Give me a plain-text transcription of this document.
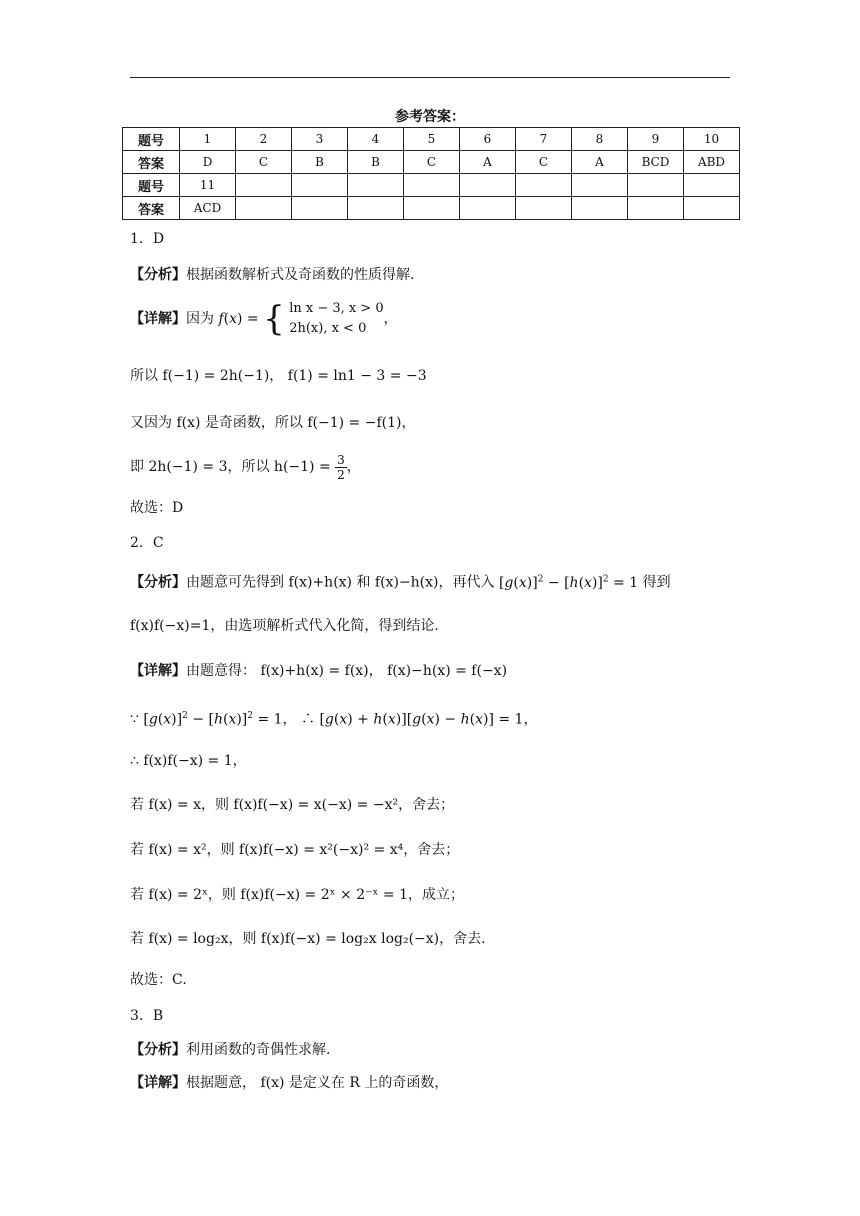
参考答案：
题号	1	2	3	4	5	6	7	8	9	10
答案	D	C	B	B	C	A	C	A	BCD	ABD
题号	11									
答案	ACD									
1．D
【分析】根据函数解析式及奇函数的性质得解.
【详解】因为 f(x) = { ln x − 3, x > 0
2h(x), x < 0
，
所以 f(−1) = 2h(−1)， f(1) = ln1 − 3 = −3
又因为 f(x) 是奇函数，所以 f(−1) = −f(1)，
即 2h(−1) = 3，所以 $h(-1) = \frac{3}{2}$ ，
故选：D
2．C
【分析】由题意可先得到 f(x)+h(x) 和 f(x)−h(x)，再代入 $[g(x)]^2 - [h(x)]^2 = 1$ 得到
f(x)f(−x)=1，由选项解析式代入化简，得到结论.
【详解】由题意得： f(x)+h(x) = f(x)， f(x)−h(x) = f(−x)
∵ $[g(x)]^2 - [h(x)]^2 = 1$， ∴ [g(x) + h(x)][g(x) − h(x)] = 1，
∴ f(x)f(−x) = 1，
若 f(x) = x，则 f(x)f(−x) = x(−x) = −x²，舍去；
若 f(x) = x²，则 f(x)f(−x) = x²(−x)² = x⁴，舍去；
若 f(x) = 2ˣ，则 f(x)f(−x) = 2ˣ × 2⁻ˣ = 1，成立；
若 f(x) = log₂x，则 f(x)f(−x) = log₂x log₂(−x)，舍去.
故选：C.
3．B
【分析】利用函数的奇偶性求解.
【详解】根据题意， f(x) 是定义在 R 上的奇函数，
